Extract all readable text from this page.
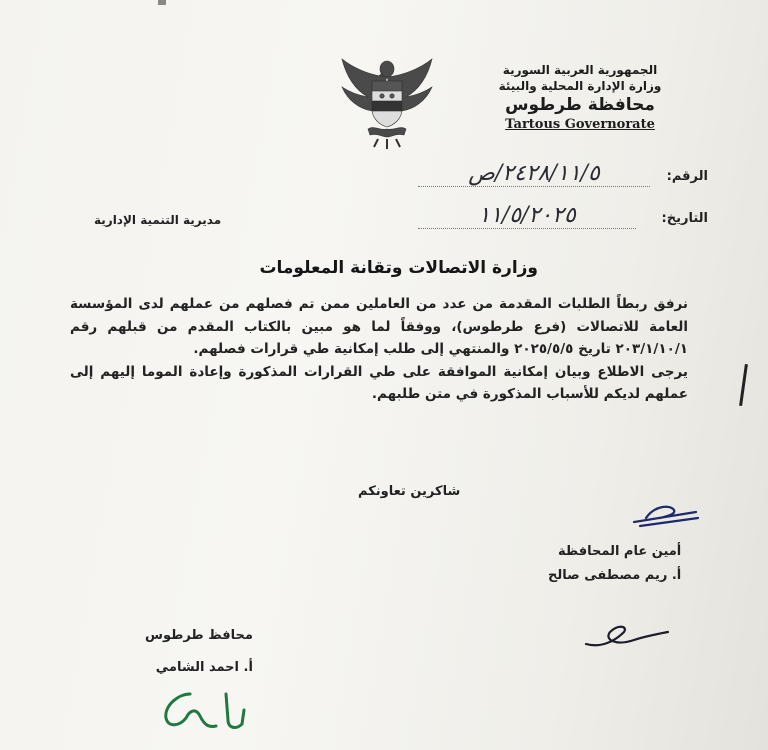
الجمهورية العربية السورية
وزارة الإدارة المحلية والبيئة
محافظة طرطوس
Tartous Governorate
الرقم:
٢٤٢٨/١١/٥/ص
التاريخ:
١١/٥/٢٠٢٥
مديرية التنمية الإدارية
وزارة الاتصالات وتقانة المعلومات

نرفق ربطاً الطلبات المقدمة من عدد من العاملين ممن تم فصلهم من عملهم لدى المؤسسة العامة للاتصالات (فرع طرطوس)، ووفقاً لما هو مبين بالكتاب المقدم من قبلهم رقم ٢٠٣/١/١٠/١ تاريخ ٢٠٢٥/٥/٥ والمنتهي إلى طلب إمكانية طي قرارات فصلهم.

يرجى الاطلاع وبيان إمكانية الموافقة على طي القرارات المذكورة وإعادة الموما إليهم إلى عملهم لديكم للأسباب المذكورة في متن طلبهم.

شاكرين تعاونكم
أمين عام المحافظة
أ. ريم مصطفى صالح
محافظ طرطوس
أ. احمد الشامي
